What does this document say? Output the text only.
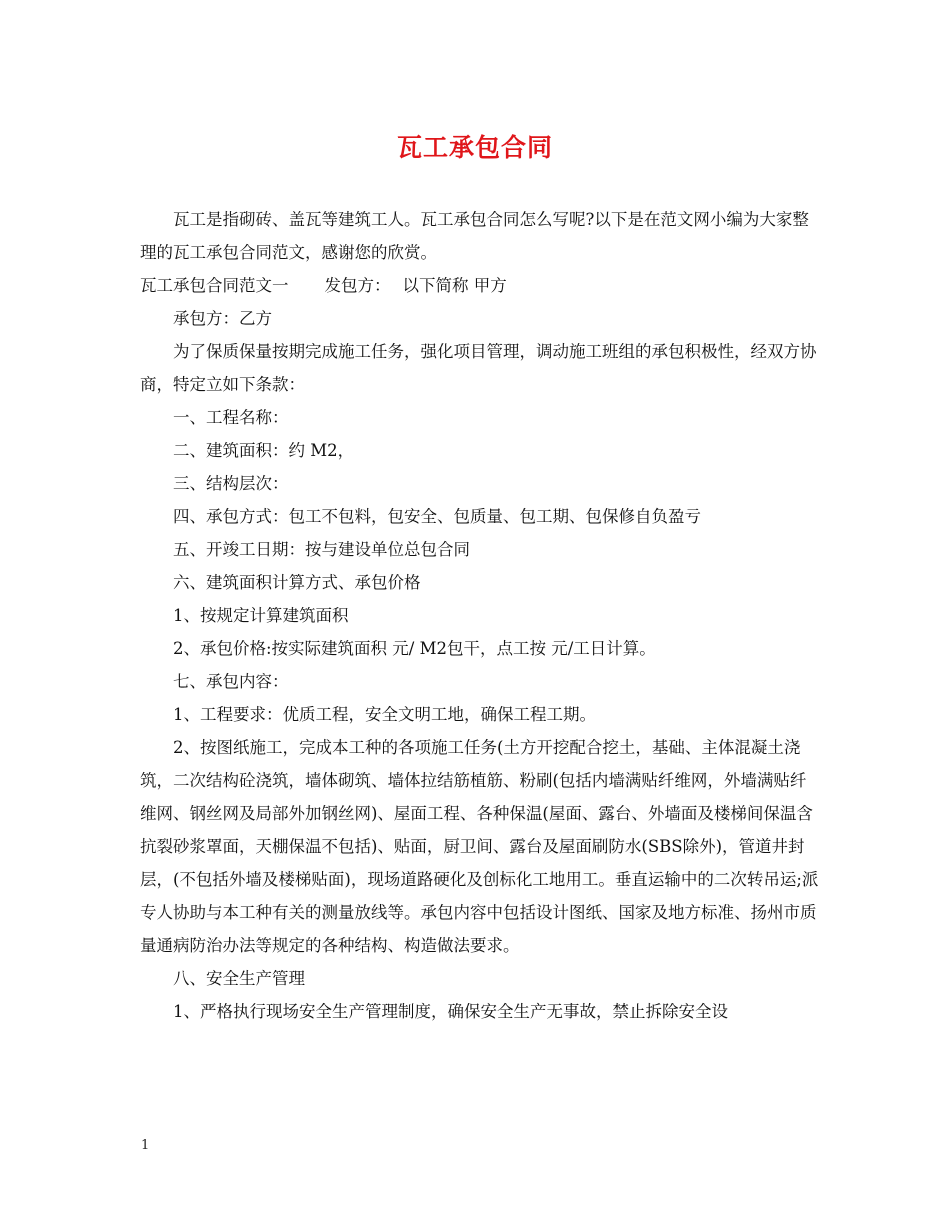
瓦工承包合同

瓦工是指砌砖、盖瓦等建筑工人。瓦工承包合同怎么写呢?以下是在范文网小编为大家整理的瓦工承包合同范文，感谢您的欣赏。

瓦工承包合同范文一 发包方： 以下简称 甲方

承包方：乙方

为了保质保量按期完成施工任务，强化项目管理，调动施工班组的承包积极性，经双方协商，特定立如下条款：

一、工程名称：

二、建筑面积：约 M2，

三、结构层次：

四、承包方式：包工不包料，包安全、包质量、包工期、包保修自负盈亏

五、开竣工日期：按与建设单位总包合同

六、建筑面积计算方式、承包价格

1、按规定计算建筑面积

2、承包价格:按实际建筑面积 元/ M2包干，点工按 元/工日计算。

七、承包内容：

1、工程要求：优质工程，安全文明工地，确保工程工期。

2、按图纸施工，完成本工种的各项施工任务(土方开挖配合挖土，基础、主体混凝土浇筑，二次结构砼浇筑，墙体砌筑、墙体拉结筋植筋、粉刷(包括内墙满贴纤维网，外墙满贴纤维网、钢丝网及局部外加钢丝网)、屋面工程、各种保温(屋面、露台、外墙面及楼梯间保温含抗裂砂浆罩面，天棚保温不包括)、贴面，厨卫间、露台及屋面刷防水(SBS除外)，管道井封层，(不包括外墙及楼梯贴面)，现场道路硬化及创标化工地用工。垂直运输中的二次转吊运;派专人协助与本工种有关的测量放线等。承包内容中包括设计图纸、国家及地方标准、扬州市质量通病防治办法等规定的各种结构、构造做法要求。

八、安全生产管理

1、严格执行现场安全生产管理制度，确保安全生产无事故，禁止拆除安全设

1
